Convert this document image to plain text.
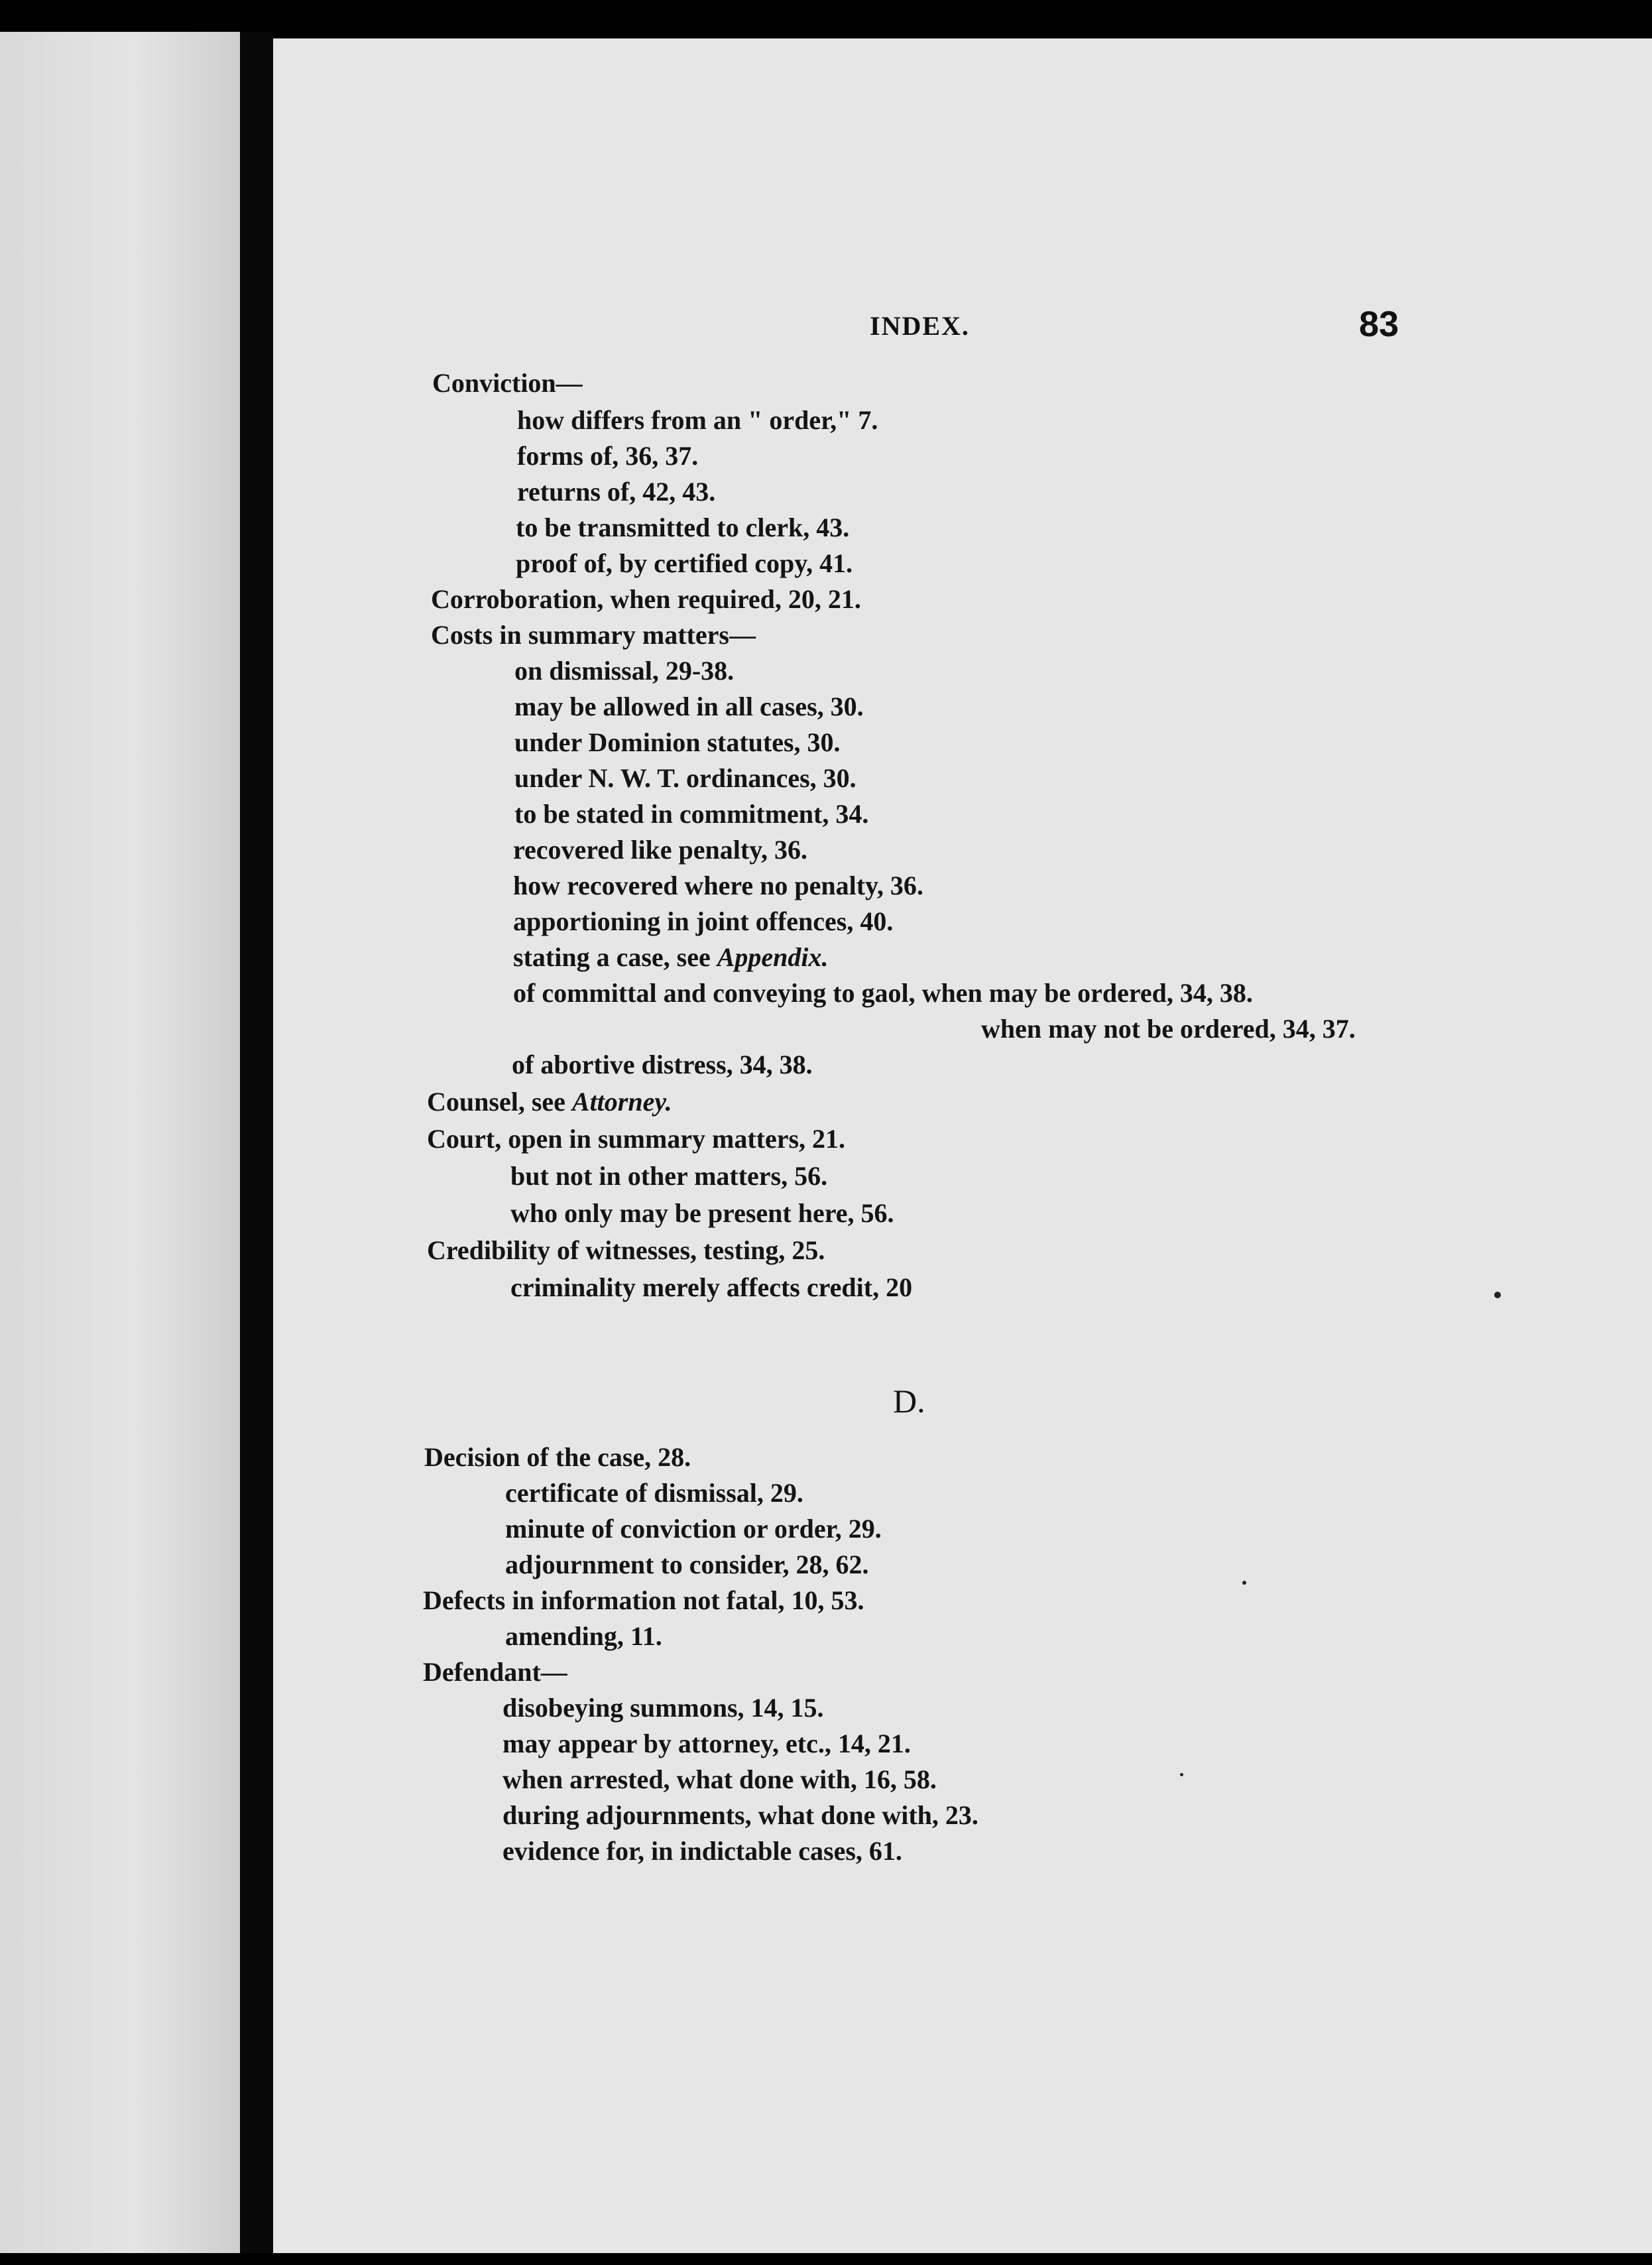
INDEX.	83
Conviction—
how differs from an " order," 7.
forms of, 36, 37.
returns of, 42, 43.
to be transmitted to clerk, 43.
proof of, by certified copy, 41.
Corroboration, when required, 20, 21.
Costs in summary matters—
on dismissal, 29-38.
may be allowed in all cases, 30.
under Dominion statutes, 30.
under N. W. T. ordinances, 30.
to be stated in commitment, 34.
recovered like penalty, 36.
how recovered where no penalty, 36.
apportioning in joint offences, 40.
stating a case, see Appendix.
of committal and conveying to gaol, when may be ordered, 34, 38.
when may not be ordered, 34, 37.
of abortive distress, 34, 38.
Counsel, see Attorney.
Court, open in summary matters, 21.
but not in other matters, 56.
who only may be present here, 56.
Credibility of witnesses, testing, 25.
criminality merely affects credit, 20
D.
Decision of the case, 28.
certificate of dismissal, 29.
minute of conviction or order, 29.
adjournment to consider, 28, 62.
Defects in information not fatal, 10, 53.
amending, 11.
Defendant—
disobeying summons, 14, 15.
may appear by attorney, etc., 14, 21.
when arrested, what done with, 16, 58.
during adjournments, what done with, 23.
evidence for, in indictable cases, 61.
